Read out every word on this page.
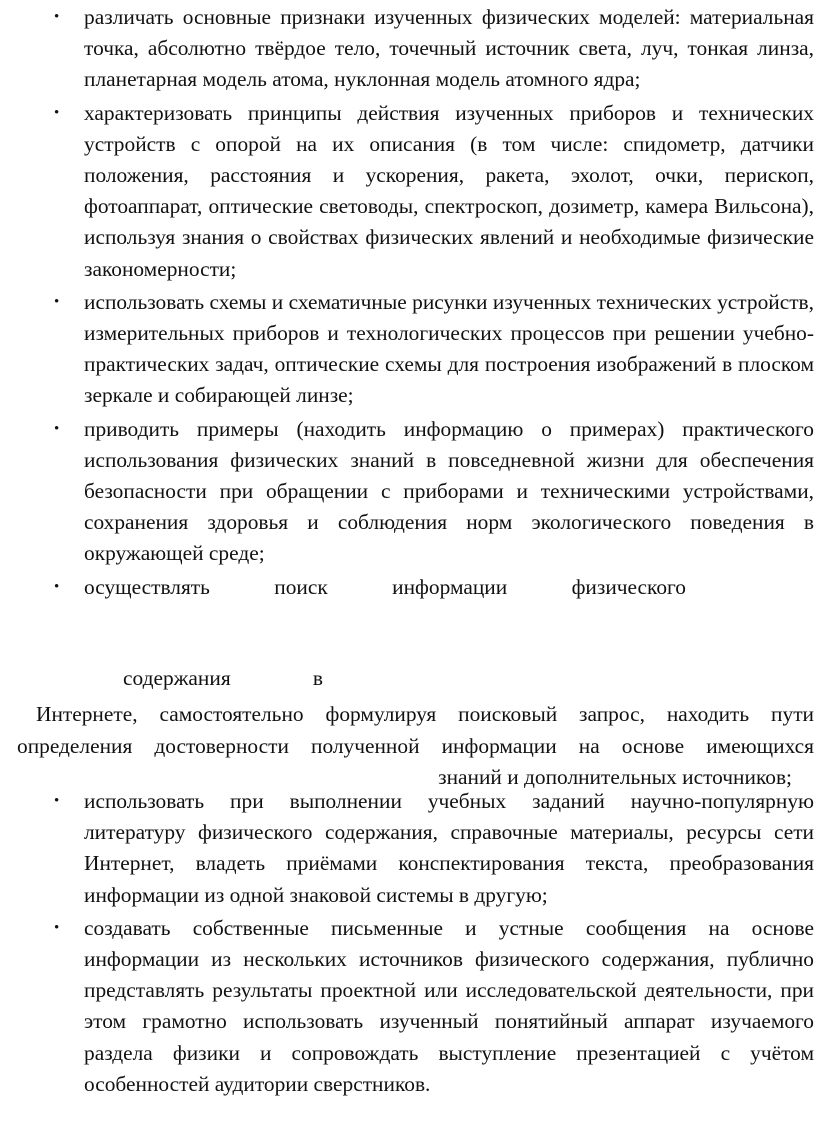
•	различать основные признаки изученных физических моделей: материальная точка, абсолютно твёрдое тело, точечный источник света, луч, тонкая линза, планетарная модель атома, нуклонная модель атомного ядра;
•	характеризовать принципы действия изученных приборов и технических устройств с опорой на их описания (в том числе: спидометр, датчики положения, расстояния и ускорения, ракета, эхолот, очки, перископ, фотоаппарат, оптические световоды, спектроскоп, дозиметр, камера Вильсона), используя знания о свойствах физических явлений и необходимые физические закономерности;
•	использовать схемы и схематичные рисунки изученных технических устройств, измерительных приборов и технологических процессов при решении учебно-практических задач, оптические схемы для построения изображений в плоском зеркале и собирающей линзе;
•	приводить примеры (находить информацию о примерах) практического использования физических знаний в повседневной жизни для обеспечения безопасности при обращении с приборами и техническими устройствами, сохранения здоровья и соблюдения норм экологического поведения в окружающей среде;
•	осуществлять поиск информации физического
содержания	в
Интернете, самостоятельно формулируя поисковый запрос, находить пути
определения достоверности полученной информации на основе имеющихся
знаний и дополнительных источников;
•	использовать при выполнении учебных заданий научно-популярную литературу физического содержания, справочные материалы, ресурсы сети Интернет, владеть приёмами конспектирования текста, преобразования информации из одной знаковой системы в другую;
•	создавать собственные письменные и устные сообщения на основе информации из нескольких источников физического содержания, публично представлять результаты проектной или исследовательской деятельности, при этом грамотно использовать изученный понятийный аппарат изучаемого раздела физики и сопровождать выступление презентацией с учётом особенностей аудитории сверстников.
